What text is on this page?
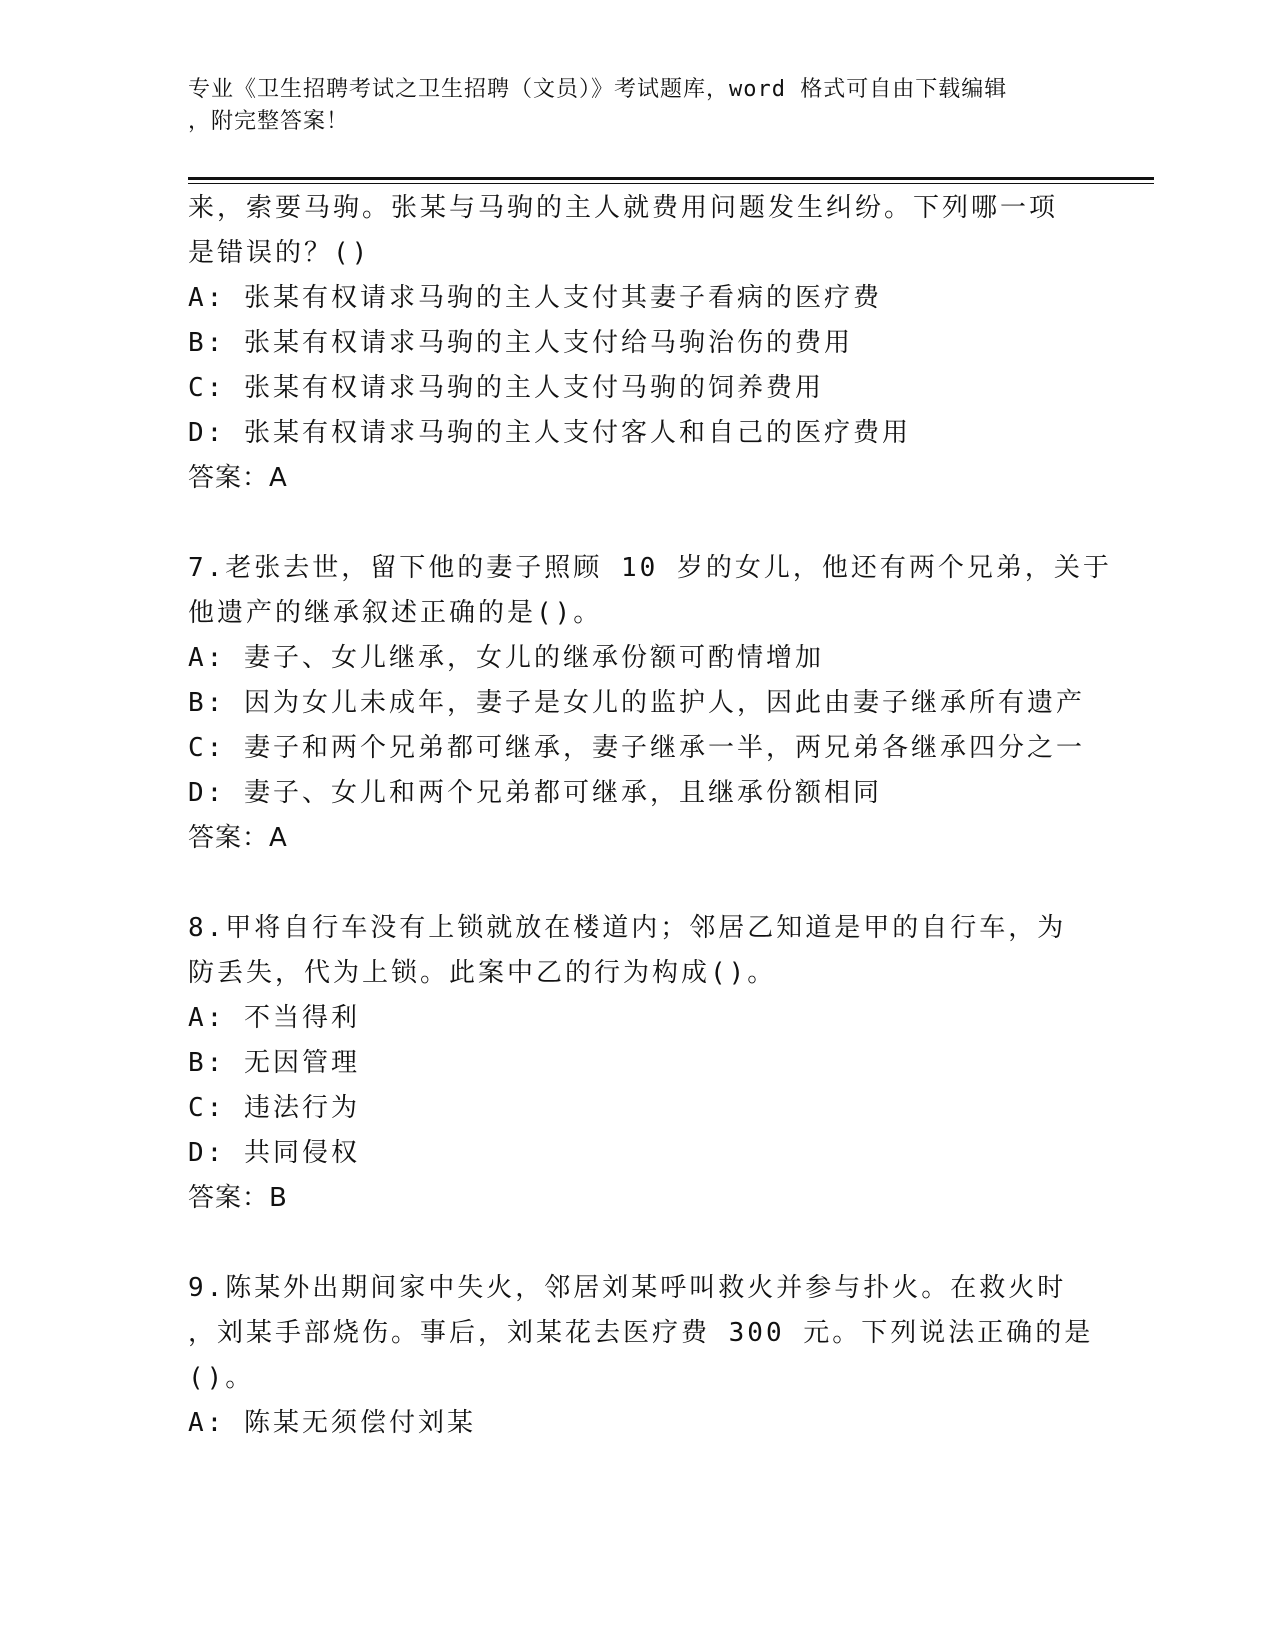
专业《卫生招聘考试之卫生招聘（文员）》考试题库，word 格式可自由下载编辑
，附完整答案！
来，索要马驹。张某与马驹的主人就费用问题发生纠纷。下列哪一项
是错误的？()
A: 张某有权请求马驹的主人支付其妻子看病的医疗费
B: 张某有权请求马驹的主人支付给马驹治伤的费用
C: 张某有权请求马驹的主人支付马驹的饲养费用
D: 张某有权请求马驹的主人支付客人和自己的医疗费用
答案：A
7.老张去世，留下他的妻子照顾 10 岁的女儿，他还有两个兄弟，关于
他遗产的继承叙述正确的是()。
A: 妻子、女儿继承，女儿的继承份额可酌情增加
B: 因为女儿未成年，妻子是女儿的监护人，因此由妻子继承所有遗产
C: 妻子和两个兄弟都可继承，妻子继承一半，两兄弟各继承四分之一
D: 妻子、女儿和两个兄弟都可继承，且继承份额相同
答案：A
8.甲将自行车没有上锁就放在楼道内；邻居乙知道是甲的自行车，为
防丢失，代为上锁。此案中乙的行为构成()。
A: 不当得利
B: 无因管理
C: 违法行为
D: 共同侵权
答案：B
9.陈某外出期间家中失火，邻居刘某呼叫救火并参与扑火。在救火时
，刘某手部烧伤。事后，刘某花去医疗费 300 元。下列说法正确的是
()。
A: 陈某无须偿付刘某
